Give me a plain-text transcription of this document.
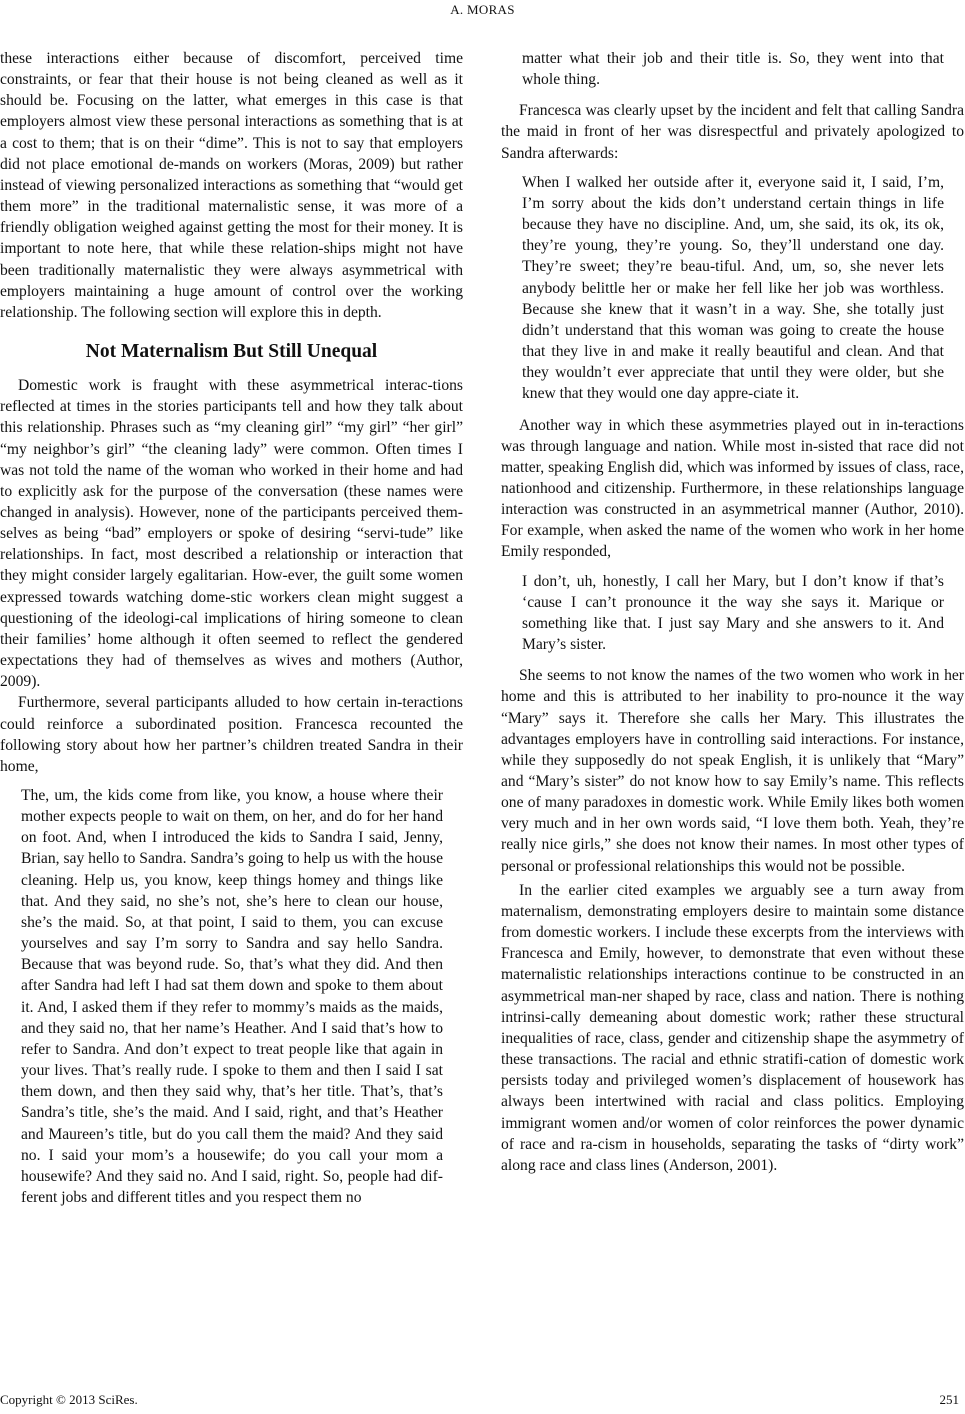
A. MORAS

these interactions either because of discomfort, perceived time constraints, or fear that their house is not being cleaned as well as it should be. Focusing on the latter, what emerges in this case is that employers almost view these personal interactions as something that is at a cost to them; that is on their “dime”. This is not to say that employers did not place emotional de-mands on workers (Moras, 2009) but rather instead of viewing personalized interactions as something that “would get them more” in the traditional maternalistic sense, it was more of a friendly obligation weighed against getting the most for their money. It is important to note here, that while these relation-ships might not have been traditionally maternalistic they were always asymmetrical with employers maintaining a huge amount of control over the working relationship. The following section will explore this in depth.

Not Maternalism But Still Unequal

Domestic work is fraught with these asymmetrical interac-tions reflected at times in the stories participants tell and how they talk about this relationship. Phrases such as “my cleaning girl” “my girl” “her girl” “my neighbor’s girl” “the cleaning lady” were common. Often times I was not told the name of the woman who worked in their home and had to explicitly ask for the purpose of the conversation (these names were changed in analysis). However, none of the participants perceived them-selves as being “bad” employers or spoke of desiring “servi-tude” like relationships. In fact, most described a relationship or interaction that they might consider largely egalitarian. How-ever, the guilt some women expressed towards watching dome-stic workers clean might suggest a questioning of the ideologi-cal implications of hiring someone to clean their families’ home although it often seemed to reflect the gendered expectations they had of themselves as wives and mothers (Author, 2009).

Furthermore, several participants alluded to how certain in-teractions could reinforce a subordinated position. Francesca recounted the following story about how her partner’s children treated Sandra in their home,

The, um, the kids come from like, you know, a house where their mother expects people to wait on them, on her, and do for her hand on foot. And, when I introduced the kids to Sandra I said, Jenny, Brian, say hello to Sandra. Sandra’s going to help us with the house cleaning. Help us, you know, keep things homey and things like that. And they said, no she’s not, she’s here to clean our house, she’s the maid. So, at that point, I said to them, you can excuse yourselves and say I’m sorry to Sandra and say hello Sandra. Because that was beyond rude. So, that’s what they did. And then after Sandra had left I had sat them down and spoke to them about it. And, I asked them if they refer to mommy’s maids as the maids, and they said no, that her name’s Heather. And I said that’s how to refer to Sandra. And don’t expect to treat people like that again in your lives. That’s really rude. I spoke to them and then I said I sat them down, and then they said why, that’s her title. That’s, that’s Sandra’s title, she’s the maid. And I said, right, and that’s Heather and Maureen’s title, but do you call them the maid? And they said no. I said your mom’s a housewife; do you call your mom a housewife? And they said no. And I said, right. So, people had dif-ferent jobs and different titles and you respect them no

matter what their job and their title is. So, they went into that whole thing.

Francesca was clearly upset by the incident and felt that calling Sandra the maid in front of her was disrespectful and privately apologized to Sandra afterwards:

When I walked her outside after it, everyone said it, I said, I’m, I’m sorry about the kids don’t understand certain things in life because they have no discipline. And, um, she said, its ok, its ok, they’re young, they’re young. So, they’ll understand one day. They’re sweet; they’re beau-tiful. And, um, so, she never lets anybody belittle her or make her fell like her job was worthless. Because she knew that it wasn’t in a way. She, she totally just didn’t understand that this woman was going to create the house that they live in and make it really beautiful and clean. And that they wouldn’t ever appreciate that until they were older, but she knew that they would one day appre-ciate it.

Another way in which these asymmetries played out in in-teractions was through language and nation. While most in-sisted that race did not matter, speaking English did, which was informed by issues of class, race, nationhood and citizenship. Furthermore, in these relationships language interaction was constructed in an asymmetrical manner (Author, 2010). For example, when asked the name of the women who work in her home Emily responded,

I don’t, uh, honestly, I call her Mary, but I don’t know if that’s ‘cause I can’t pronounce it the way she says it. Marique or something like that. I just say Mary and she answers to it. And Mary’s sister.

She seems to not know the names of the two women who work in her home and this is attributed to her inability to pro-nounce it the way “Mary” says it. Therefore she calls her Mary. This illustrates the advantages employers have in controlling said interactions. For instance, while they supposedly do not speak English, it is unlikely that “Mary” and “Mary’s sister” do not know how to say Emily’s name. This reflects one of many paradoxes in domestic work. While Emily likes both women very much and in her own words said, “I love them both. Yeah, they’re really nice girls,” she does not know their names. In most other types of personal or professional relationships this would not be possible.

In the earlier cited examples we arguably see a turn away from maternalism, demonstrating employers desire to maintain some distance from domestic workers. I include these excerpts from the interviews with Francesca and Emily, however, to demonstrate that even without these maternalistic relationships interactions continue to be constructed in an asymmetrical man-ner shaped by race, class and nation. There is nothing intrinsi-cally demeaning about domestic work; rather these structural inequalities of race, class, gender and citizenship shape the asymmetry of these transactions. The racial and ethnic stratifi-cation of domestic work persists today and privileged women’s displacement of housework has always been intertwined with racial and class politics. Employing immigrant women and/or women of color reinforces the power dynamic of race and ra-cism in households, separating the tasks of “dirty work” along race and class lines (Anderson, 2001).

Copyright © 2013 SciRes.	251
